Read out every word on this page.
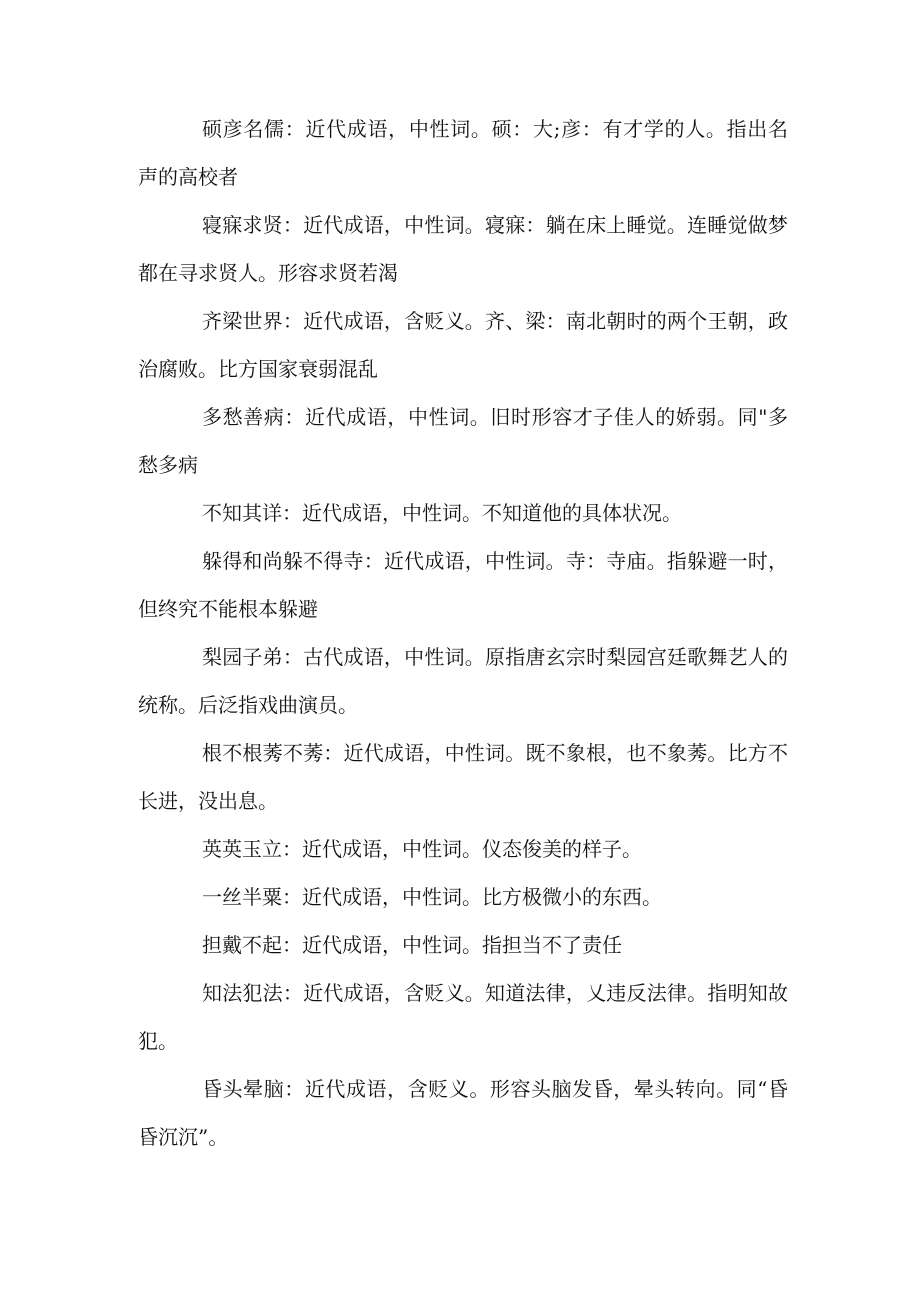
硕彦名儒：近代成语，中性词。硕：大;彦：有才学的人。指出名声的高校者

寝寐求贤：近代成语，中性词。寝寐：躺在床上睡觉。连睡觉做梦都在寻求贤人。形容求贤若渴

齐梁世界：近代成语，含贬义。齐、梁：南北朝时的两个王朝，政治腐败。比方国家衰弱混乱

多愁善病：近代成语，中性词。旧时形容才子佳人的娇弱。同"多愁多病

不知其详：近代成语，中性词。不知道他的具体状况。

躲得和尚躲不得寺：近代成语，中性词。寺：寺庙。指躲避一时，但终究不能根本躲避

梨园子弟：古代成语，中性词。原指唐玄宗时梨园宫廷歌舞艺人的统称。后泛指戏曲演员。

根不根莠不莠：近代成语，中性词。既不象根，也不象莠。比方不长进，没出息。

英英玉立：近代成语，中性词。仪态俊美的样子。

一丝半粟：近代成语，中性词。比方极微小的东西。

担戴不起：近代成语，中性词。指担当不了责任

知法犯法：近代成语，含贬义。知道法律，乂违反法律。指明知故犯。

昏头晕脑：近代成语，含贬义。形容头脑发昏，晕头转向。同“昏昏沉沉”。
